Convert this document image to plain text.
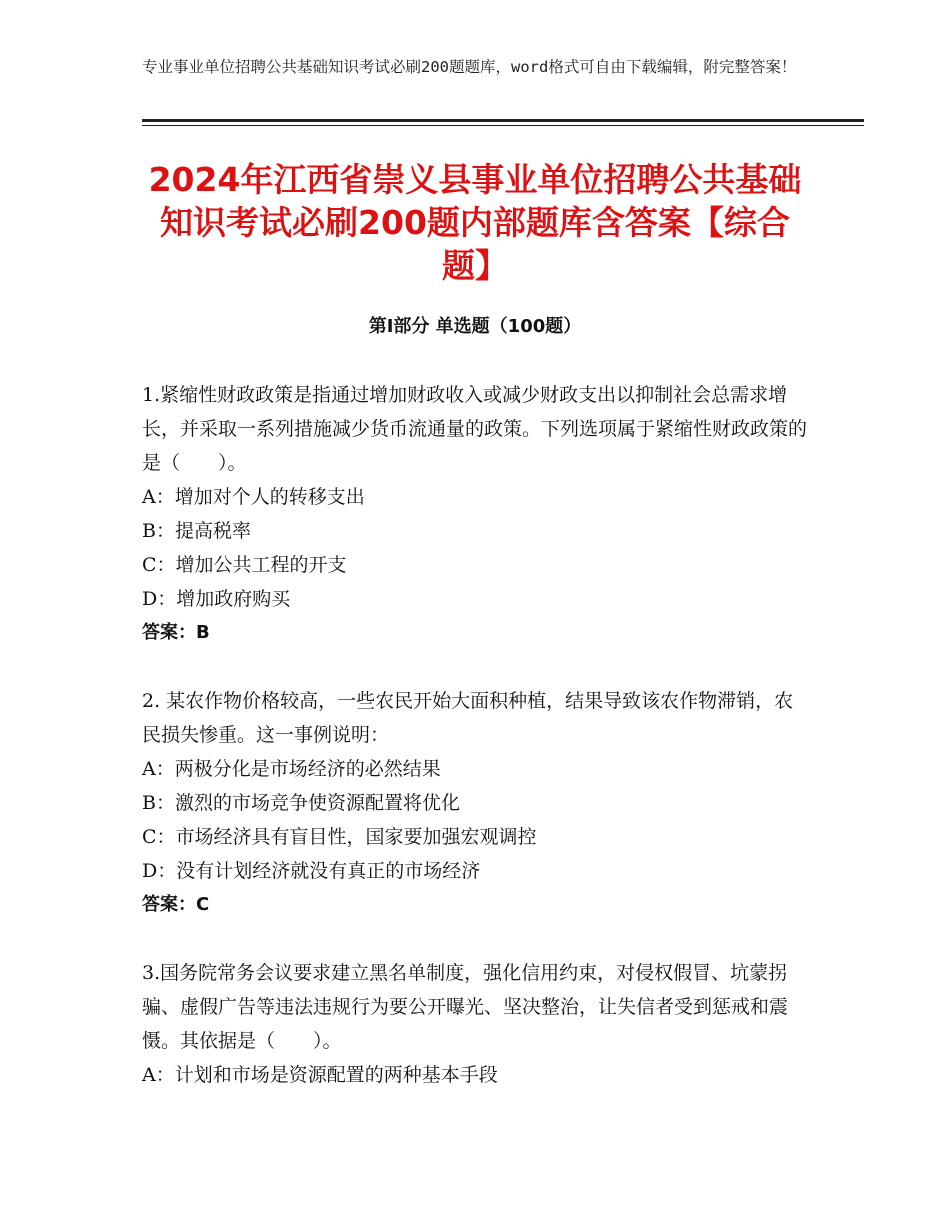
专业事业单位招聘公共基础知识考试必刷200题题库，word格式可自由下载编辑，附完整答案！
2024年江西省崇义县事业单位招聘公共基础知识考试必刷200题内部题库含答案【综合题】
第Ⅰ部分 单选题（100题）

1.紧缩性财政政策是指通过增加财政收入或减少财政支出以抑制社会总需求增长，并采取一系列措施减少货币流通量的政策。下列选项属于紧缩性财政政策的是（　　）。

A：增加对个人的转移支出

B：提高税率

C：增加公共工程的开支

D：增加政府购买

答案：B

2. 某农作物价格较高，一些农民开始大面积种植，结果导致该农作物滞销，农民损失惨重。这一事例说明：

A：两极分化是市场经济的必然结果

B：激烈的市场竞争使资源配置将优化

C：市场经济具有盲目性，国家要加强宏观调控

D：没有计划经济就没有真正的市场经济

答案：C

3.国务院常务会议要求建立黑名单制度，强化信用约束，对侵权假冒、坑蒙拐骗、虚假广告等违法违规行为要公开曝光、坚决整治，让失信者受到惩戒和震慑。其依据是（　　）。

A：计划和市场是资源配置的两种基本手段
